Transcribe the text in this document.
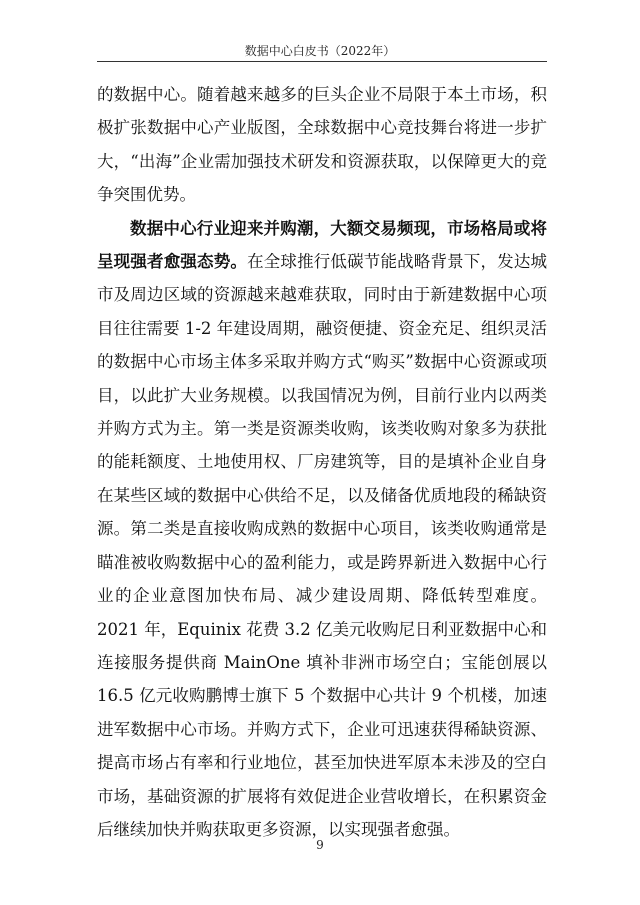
数据中心白皮书（2022年）

的数据中心。随着越来越多的巨头企业不局限于本土市场，积极扩张数据中心产业版图，全球数据中心竞技舞台将进一步扩大，“出海”企业需加强技术研发和资源获取，以保障更大的竞争突围优势。

数据中心行业迎来并购潮，大额交易频现，市场格局或将呈现强者愈强态势。在全球推行低碳节能战略背景下，发达城市及周边区域的资源越来越难获取，同时由于新建数据中心项目往往需要 1-2 年建设周期，融资便捷、资金充足、组织灵活的数据中心市场主体多采取并购方式“购买”数据中心资源或项目，以此扩大业务规模。以我国情况为例，目前行业内以两类并购方式为主。第一类是资源类收购，该类收购对象多为获批的能耗额度、土地使用权、厂房建筑等，目的是填补企业自身在某些区域的数据中心供给不足，以及储备优质地段的稀缺资源。第二类是直接收购成熟的数据中心项目，该类收购通常是瞄准被收购数据中心的盈利能力，或是跨界新进入数据中心行业的企业意图加快布局、减少建设周期、降低转型难度。2021 年，Equinix 花费 3.2 亿美元收购尼日利亚数据中心和连接服务提供商 MainOne 填补非洲市场空白；宝能创展以 16.5 亿元收购鹏博士旗下 5 个数据中心共计 9 个机楼，加速进军数据中心市场。并购方式下，企业可迅速获得稀缺资源、提高市场占有率和行业地位，甚至加快进军原本未涉及的空白市场，基础资源的扩展将有效促进企业营收增长，在积累资金后继续加快并购获取更多资源，以实现强者愈强。

9
